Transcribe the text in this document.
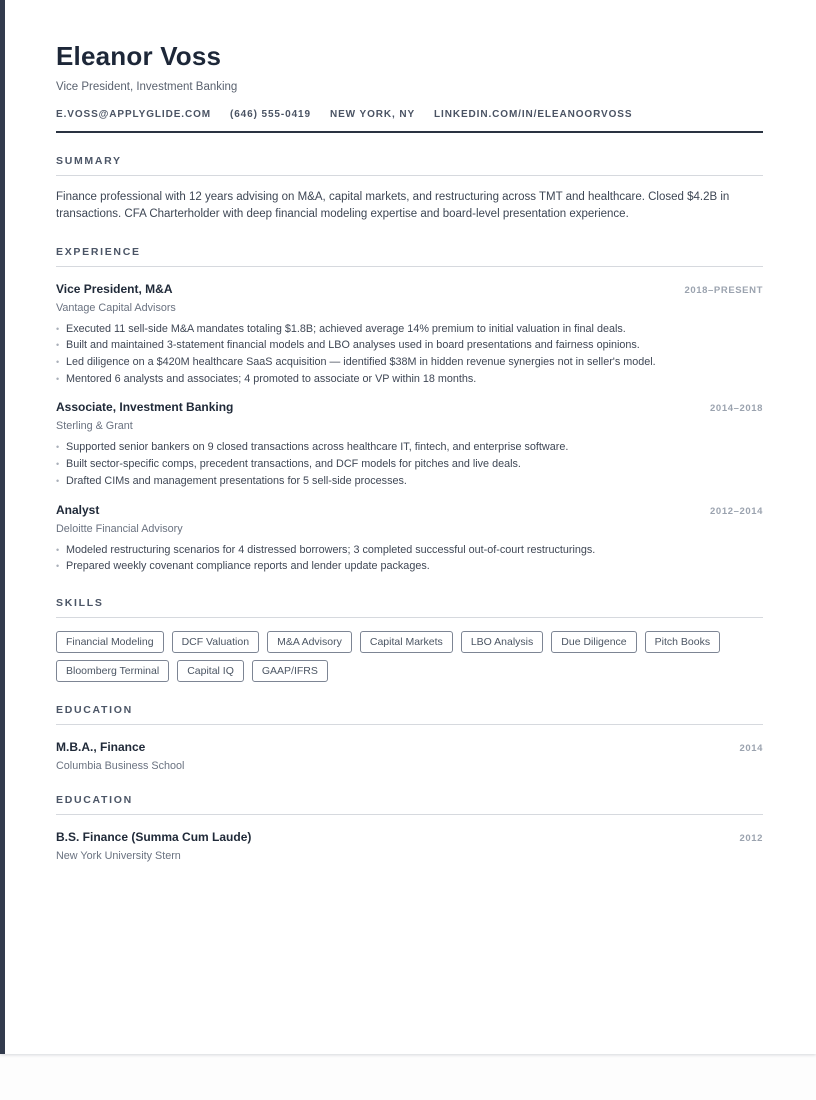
Eleanor Voss
Vice President, Investment Banking
E.VOSS@APPLYGLIDE.COM (646) 555-0419 NEW YORK, NY LINKEDIN.COM/IN/ELEANOORVOSS
SUMMARY
Finance professional with 12 years advising on M&A, capital markets, and restructuring across TMT and healthcare. Closed $4.2B in transactions. CFA Charterholder with deep financial modeling expertise and board-level presentation experience.
EXPERIENCE
Vice President, M&A	2018–PRESENT
Vantage Capital Advisors
• Executed 11 sell-side M&A mandates totaling $1.8B; achieved average 14% premium to initial valuation in final deals.
• Built and maintained 3-statement financial models and LBO analyses used in board presentations and fairness opinions.
• Led diligence on a $420M healthcare SaaS acquisition — identified $38M in hidden revenue synergies not in seller's model.
• Mentored 6 analysts and associates; 4 promoted to associate or VP within 18 months.
Associate, Investment Banking	2014–2018
Sterling & Grant
• Supported senior bankers on 9 closed transactions across healthcare IT, fintech, and enterprise software.
• Built sector-specific comps, precedent transactions, and DCF models for pitches and live deals.
• Drafted CIMs and management presentations for 5 sell-side processes.
Analyst	2012–2014
Deloitte Financial Advisory
• Modeled restructuring scenarios for 4 distressed borrowers; 3 completed successful out-of-court restructurings.
• Prepared weekly covenant compliance reports and lender update packages.
SKILLS
Financial Modeling	DCF Valuation	M&A Advisory	Capital Markets	LBO Analysis	Due Diligence	Pitch Books
Bloomberg Terminal	Capital IQ	GAAP/IFRS
EDUCATION
M.B.A., Finance	2014
Columbia Business School
EDUCATION
B.S. Finance (Summa Cum Laude)	2012
New York University Stern
